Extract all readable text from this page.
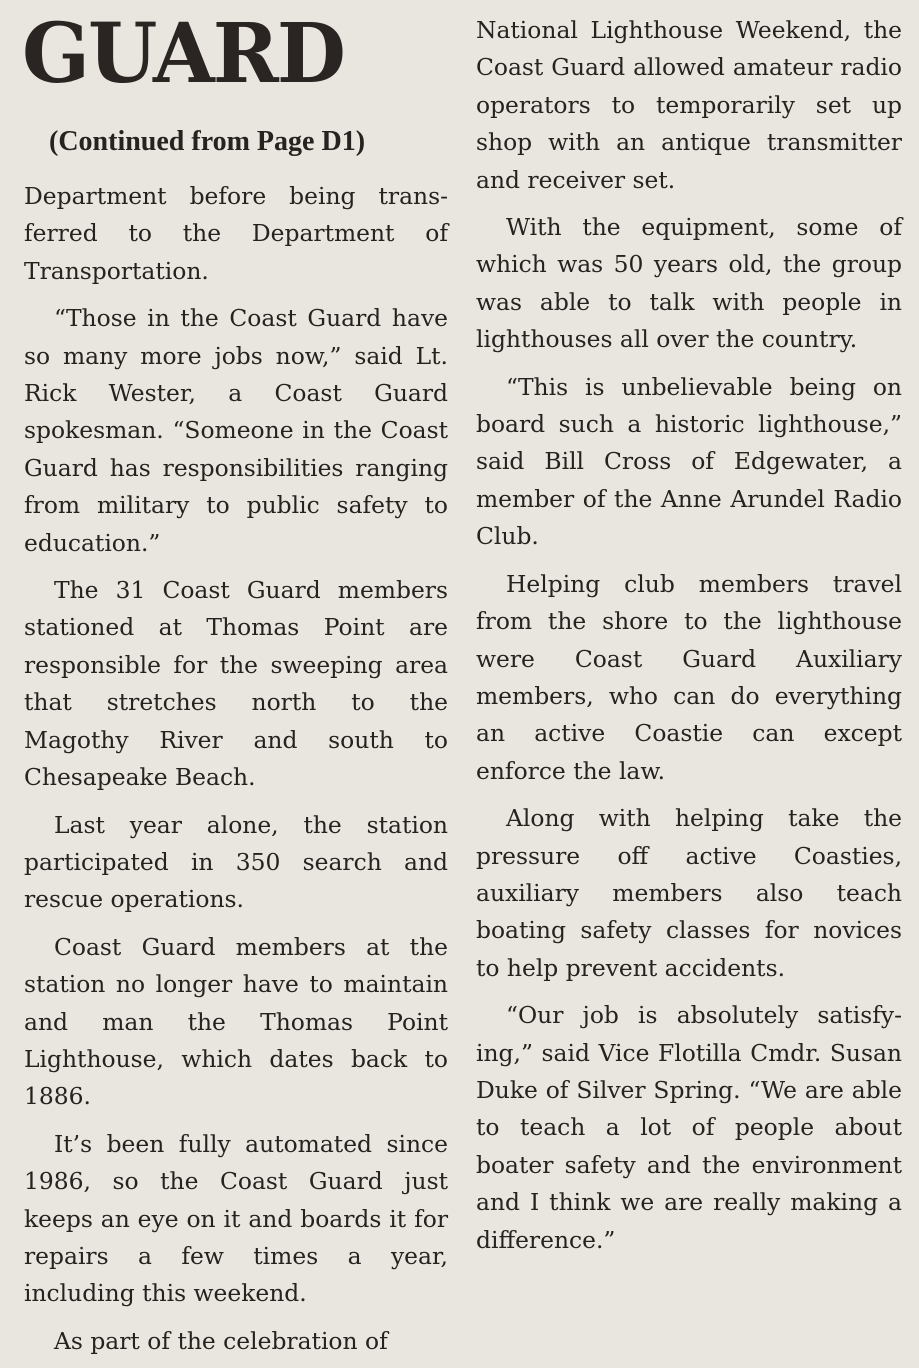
GUARD
(Continued from Page D1)

Department before being transferred to the Department of Transportation.

“Those in the Coast Guard have so many more jobs now,” said Lt. Rick Wester, a Coast Guard spokesman. “Someone in the Coast Guard has responsibilities ranging from military to public safety to education.”

The 31 Coast Guard members stationed at Thomas Point are responsible for the sweeping area that stretches north to the Magothy River and south to Chesapeake Beach.

Last year alone, the station participated in 350 search and rescue operations.

Coast Guard members at the station no longer have to maintain and man the Thomas Point Lighthouse, which dates back to 1886.

It’s been fully automated since 1986, so the Coast Guard just keeps an eye on it and boards it for repairs a few times a year, including this weekend.

As part of the celebration of

National Lighthouse Weekend, the Coast Guard allowed amateur radio operators to temporarily set up shop with an antique transmitter and receiver set.

With the equipment, some of which was 50 years old, the group was able to talk with people in lighthouses all over the country.

“This is unbelievable being on board such a historic lighthouse,” said Bill Cross of Edgewater, a member of the Anne Arundel Radio Club.

Helping club members travel from the shore to the lighthouse were Coast Guard Auxiliary members, who can do everything an active Coastie can except enforce the law.

Along with helping take the pressure off active Coasties, auxiliary members also teach boating safety classes for novices to help prevent accidents.

“Our job is absolutely satisfying,” said Vice Flotilla Cmdr. Susan Duke of Silver Spring. “We are able to teach a lot of people about boater safety and the environment and I think we are really making a difference.”
